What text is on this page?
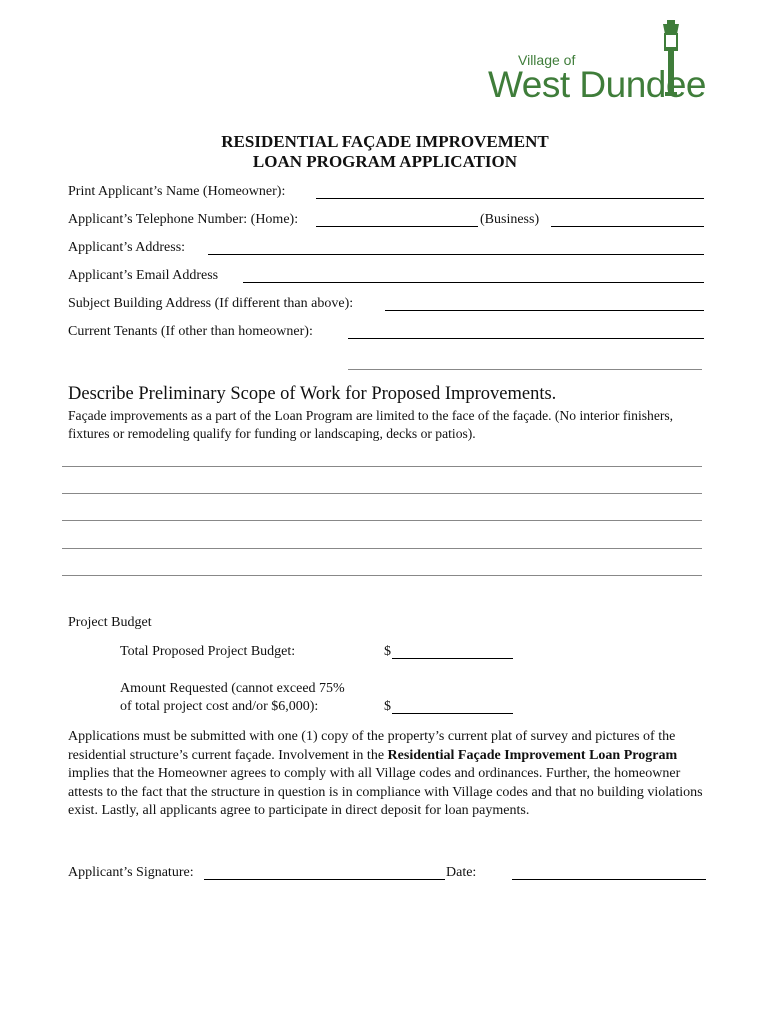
Village of
West Dundee
RESIDENTIAL FAÇADE IMPROVEMENT
LOAN PROGRAM APPLICATION
Print Applicant’s Name (Homeowner):
Applicant’s Telephone Number: (Home):	(Business)
Applicant’s Address:
Applicant’s Email Address
Subject Building Address (If different than above):
Current Tenants (If other than homeowner):
Describe Preliminary Scope of Work for Proposed Improvements.
Façade improvements as a part of the Loan Program are limited to the face of the façade. (No interior finishers, fixtures or remodeling qualify for funding or landscaping, decks or patios).
Project Budget
Total Proposed Project Budget:	$
Amount Requested (cannot exceed 75%
of total project cost and/or $6,000):	$
Applications must be submitted with one (1) copy of the property’s current plat of survey and pictures of the residential structure’s current façade. Involvement in the Residential Façade Improvement Loan Program implies that the Homeowner agrees to comply with all Village codes and ordinances. Further, the homeowner attests to the fact that the structure in question is in compliance with Village codes and that no building violations exist. Lastly, all applicants agree to participate in direct deposit for loan payments.
Applicant’s Signature:	Date:
